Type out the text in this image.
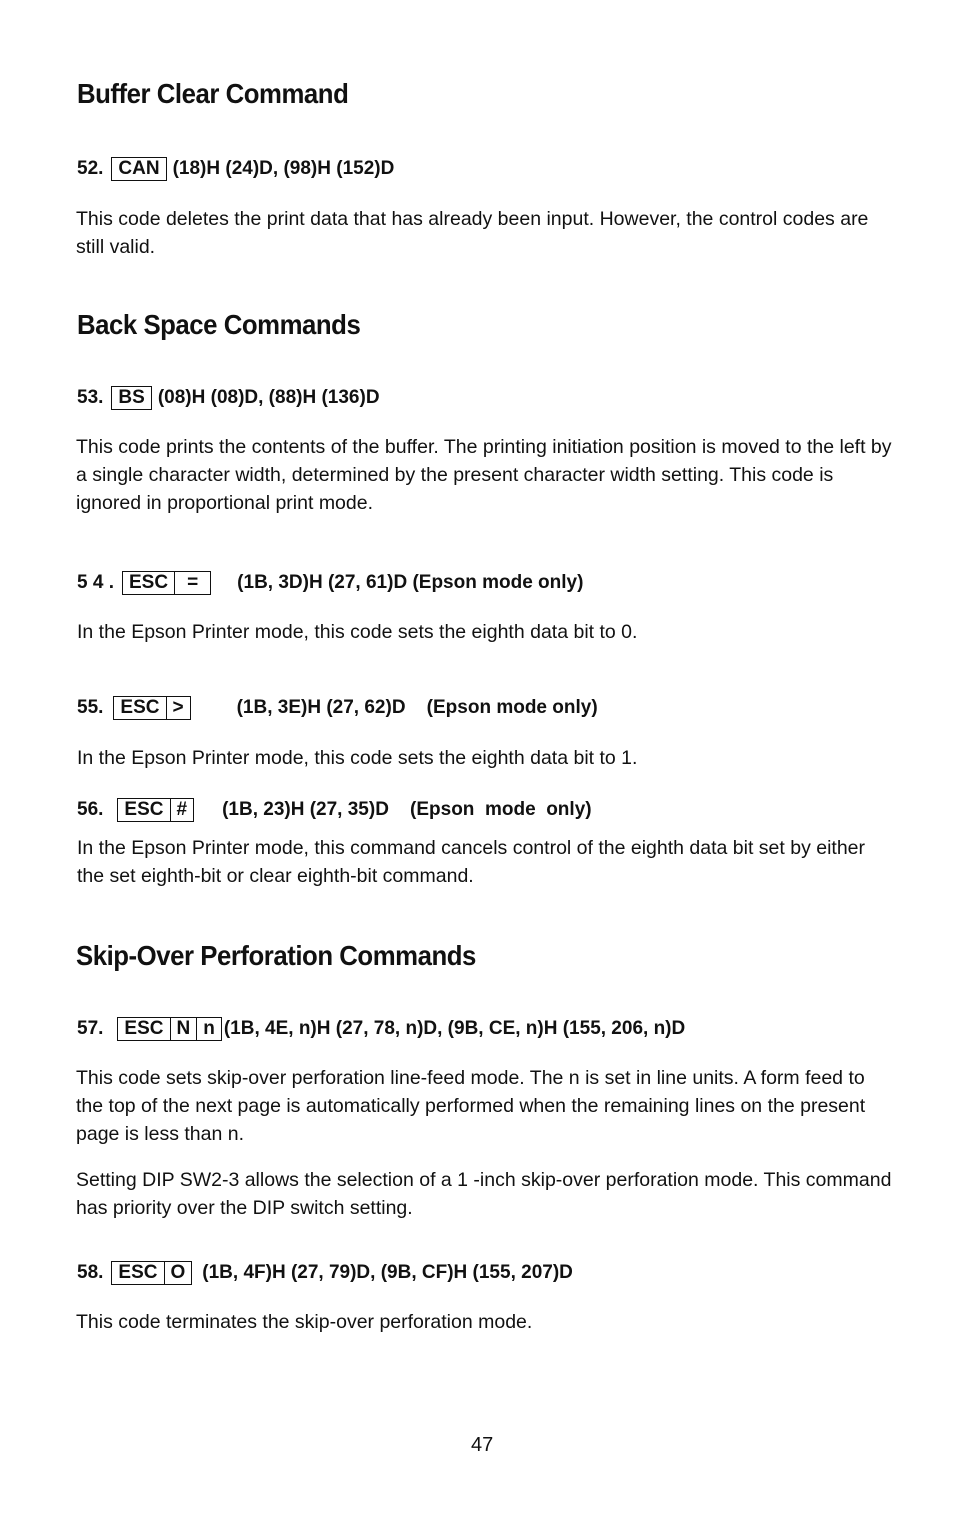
Buffer Clear Command
52. CAN (18)H (24)D, (98)H (152)D
This code deletes the print data that has already been input. However, the control codes are still valid.
Back Space Commands
53. BS (08)H (08)D, (88)H (136)D
This code prints the contents of the buffer. The printing initiation position is moved to the left by a single character width, determined by the present character width setting. This code is ignored in proportional print mode.
5 4 . ESC	=	(1B, 3D)H (27, 61)D (Epson mode only)
In the Epson Printer mode, this code sets the eighth data bit to 0.
55. ESC >	(1B, 3E)H (27, 62)D    (Epson mode only)
In the Epson Printer mode, this code sets the eighth data bit to 1.
56.	ESC #	(1B, 23)H (27, 35)D    (Epson  mode  only)
In the Epson Printer mode, this command cancels control of the eighth data bit set by either the set eighth-bit or clear eighth-bit command.
Skip-Over Perforation Commands
57.	ESC N n (1B, 4E, n)H (27, 78, n)D, (9B, CE, n)H (155, 206, n)D
This code sets skip-over perforation line-feed mode. The n is set in line units. A form feed to the top of the next page is automatically performed when the remaining lines on the present page is less than n.
Setting DIP SW2-3 allows the selection of a 1 -inch skip-over perforation mode. This command has priority over the DIP switch setting.
58. ESC O (1B, 4F)H (27, 79)D, (9B, CF)H (155, 207)D
This code terminates the skip-over perforation mode.
47
